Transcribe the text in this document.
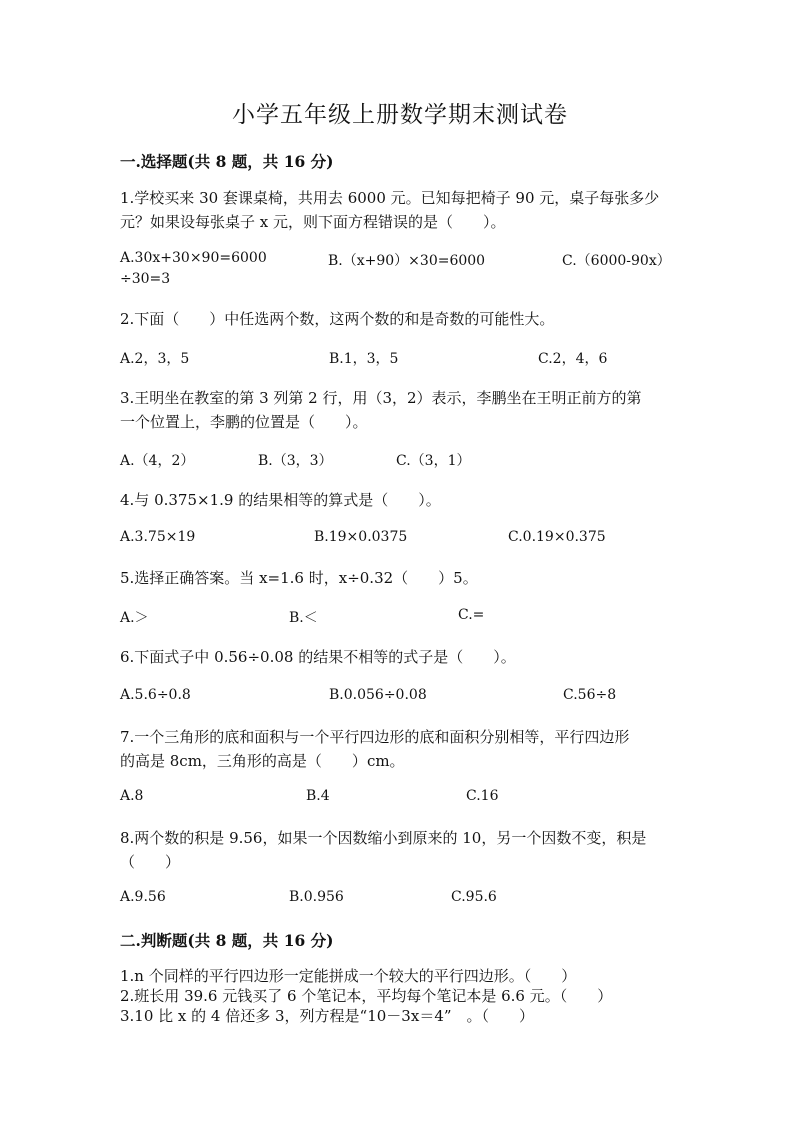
小学五年级上册数学期末测试卷
一.选择题(共 8 题，共 16 分)
1.学校买来 30 套课桌椅，共用去 6000 元。已知每把椅子 90 元，桌子每张多少
元？如果设每张桌子 x 元，则下面方程错误的是（　　）。
A.30x+30×90=6000	B.（x+90）×30=6000	C.（6000-90x）
÷30=3
2.下面（　　）中任选两个数，这两个数的和是奇数的可能性大。
A.2，3，5	B.1，3，5	C.2，4，6
3.王明坐在教室的第 3 列第 2 行，用（3，2）表示，李鹏坐在王明正前方的第
一个位置上，李鹏的位置是（　　）。
A.（4，2）	B.（3，3）	C.（3，1）
4.与 0.375×1.9 的结果相等的算式是（　　）。
A.3.75×19	B.19×0.0375	C.0.19×0.375
5.选择正确答案。当 x=1.6 时，x÷0.32（　　）5。
A.＞	B.＜	C.=
6.下面式子中 0.56÷0.08 的结果不相等的式子是（　　）。
A.5.6÷0.8	B.0.056÷0.08	C.56÷8
7.一个三角形的底和面积与一个平行四边形的底和面积分别相等，平行四边形
的高是 8cm，三角形的高是（　　）cm。
A.8	B.4	C.16
8.两个数的积是 9.56，如果一个因数缩小到原来的 10，另一个因数不变，积是
（　　）
A.9.56	B.0.956	C.95.6
二.判断题(共 8 题，共 16 分)
1.n 个同样的平行四边形一定能拼成一个较大的平行四边形。（　　）
2.班长用 39.6 元钱买了 6 个笔记本，平均每个笔记本是 6.6 元。（　　）
3.10 比 x 的 4 倍还多 3，列方程是“10－3x＝4”　。（　　）
